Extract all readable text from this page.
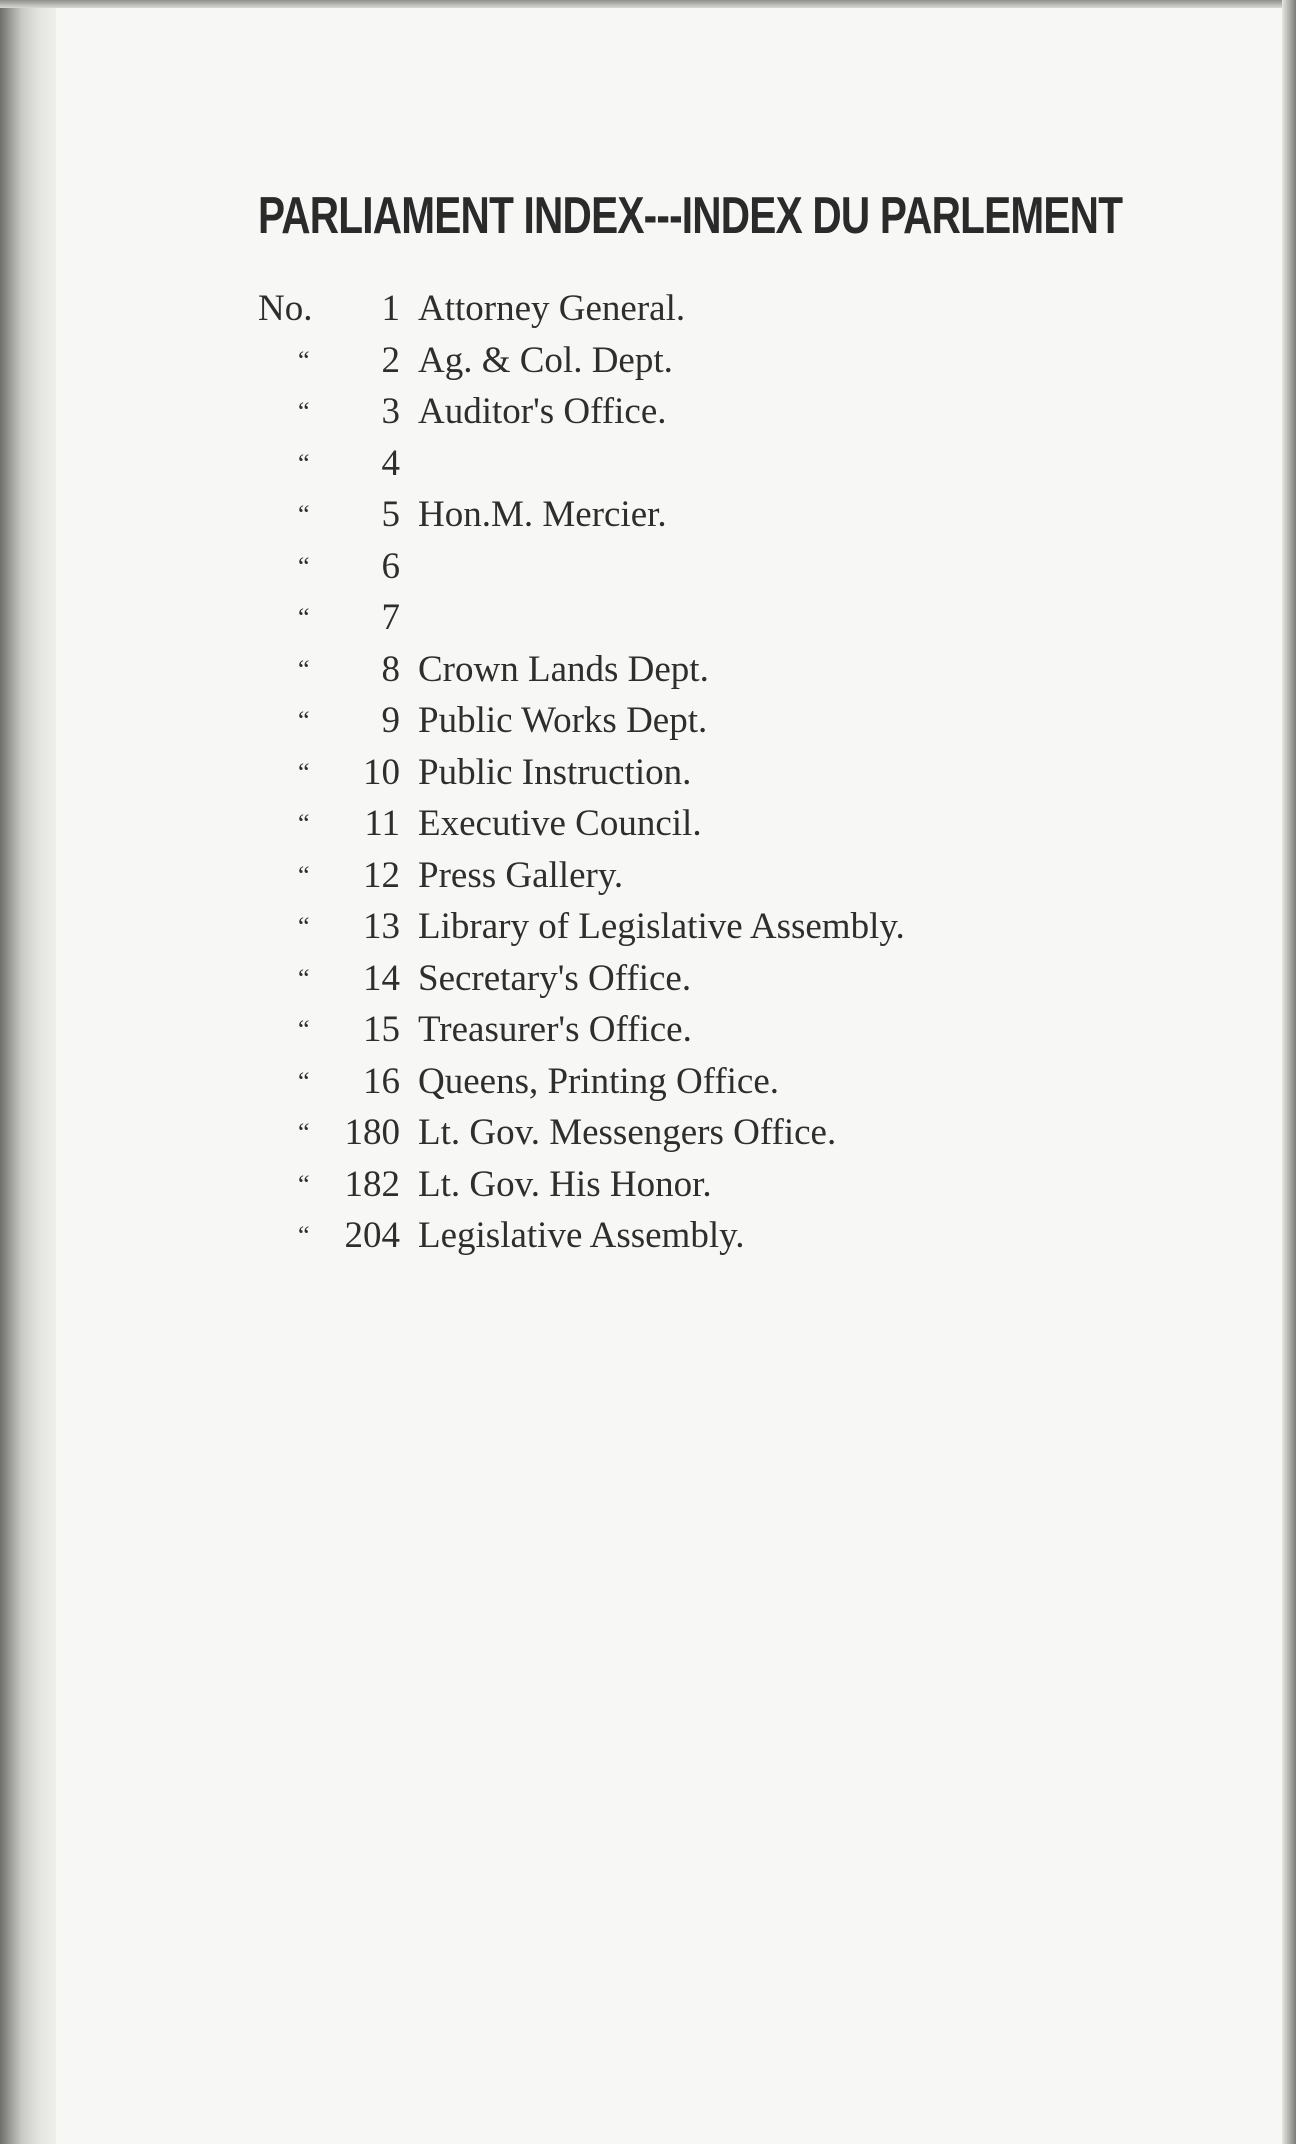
PARLIAMENT INDEX---INDEX DU PARLEMENT
No.	1 Attorney General.
“	2 Ag. & Col. Dept.
“	3 Auditor's Office.
“	4
“	5 Hon.M. Mercier.
“	6
“	7
“	8 Crown Lands Dept.
“	9 Public Works Dept.
“	10 Public Instruction.
“	11 Executive Council.
“	12 Press Gallery.
“	13 Library of Legislative Assembly.
“	14 Secretary's Office.
“	15 Treasurer's Office.
“	16 Queens, Printing Office.
“ 180 Lt. Gov. Messengers Office.
“ 182 Lt. Gov. His Honor.
“ 204 Legislative Assembly.
